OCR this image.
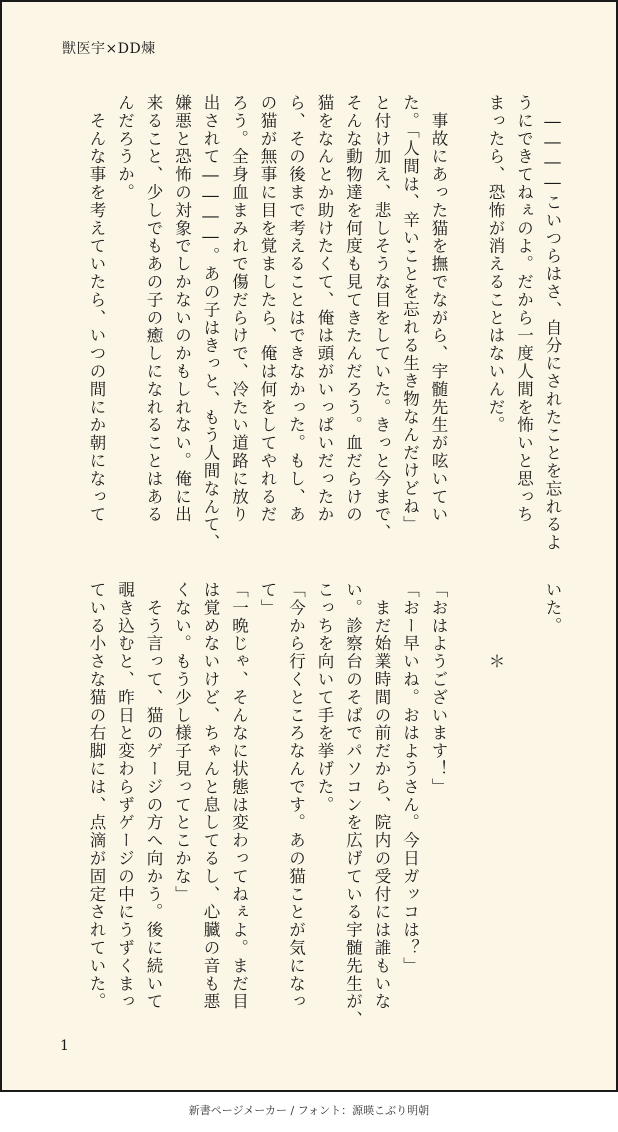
獣医宇×DD煉
　――――こいつらはさ、自分にされたことを忘れるよ
うにできてねぇのよ。だから一度人間を怖いと思っち
まったら、恐怖が消えることはないんだ。

　事故にあった猫を撫でながら、宇髄先生が呟いてい
た。「人間は、辛いことを忘れる生き物なんだけどね」
と付け加え、悲しそうな目をしていた。きっと今まで、
そんな動物達を何度も見てきたんだろう。血だらけの
猫をなんとか助けたくて、俺は頭がいっぱいだったか
ら、その後まで考えることはできなかった。もし、あ
の猫が無事に目を覚ましたら、俺は何をしてやれるだ
ろう。全身血まみれで傷だらけで、冷たい道路に放り
出されて――――。あの子はきっと、もう人間なんて、
嫌悪と恐怖の対象でしかないのかもしれない。俺に出
来ること、少しでもあの子の癒しになれることはある
んだろうか。
　そんな事を考えていたら、いつの間にか朝になって
いた。

　　　　＊

「おはようございます！」
「おー早いね。おはようさん。今日ガッコは？」
　まだ始業時間の前だから、院内の受付には誰もいな
い。診察台のそばでパソコンを広げている宇髄先生が、
こっちを向いて手を挙げた。
「今から行くところなんです。あの猫ことが気になっ
て」
「一晩じゃ、そんなに状態は変わってねぇよ。まだ目
は覚めないけど、ちゃんと息してるし、心臓の音も悪
くない。もう少し様子見ってとこかな」
　そう言って、猫のゲージの方へ向かう。後に続いて
覗き込むと、昨日と変わらずゲージの中にうずくまっ
ている小さな猫の右脚には、点滴が固定されていた。
1
新書ページメーカー / フォント：源暎こぶり明朝
